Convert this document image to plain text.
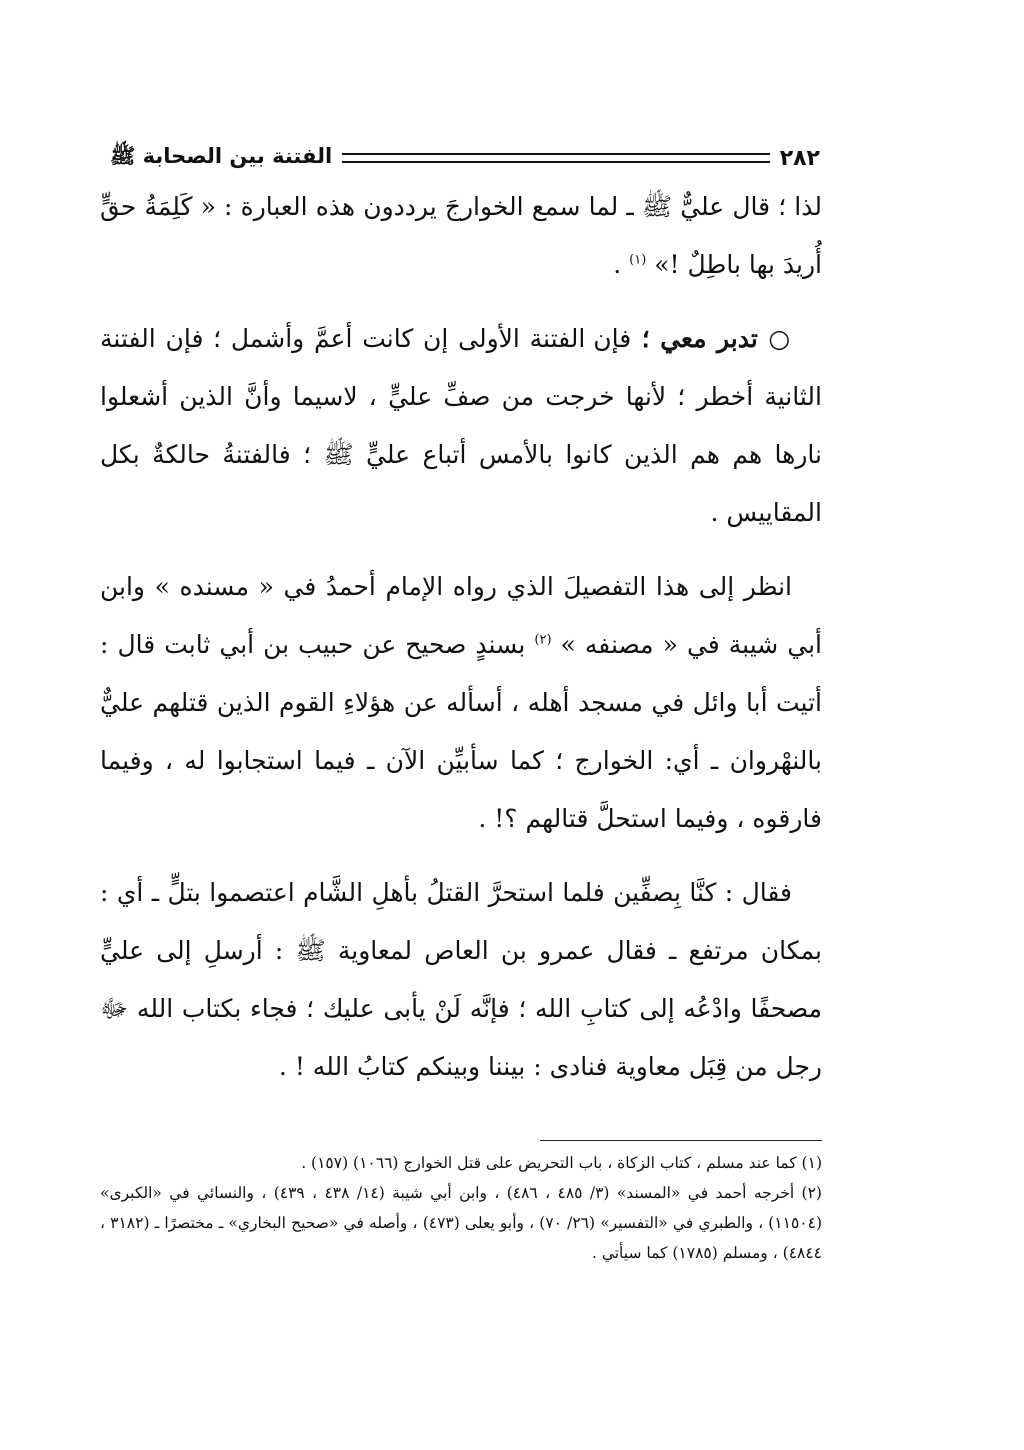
٢٨٢
الفتنة بين الصحابة ﷺ

لذا ؛ قال عليٌّ ﷺ ـ لما سمع الخوارجَ يرددون هذه العبارة : « كَلِمَةُ حقٍّ أُريدَ بها باطِلٌ !» $^{(١)}$ .

○ تدبر معي ؛ فإن الفتنة الأولى إن كانت أعمَّ وأشمل ؛ فإن الفتنة الثانية أخطر ؛ لأنها خرجت من صفِّ عليٍّ ، لاسيما وأنَّ الذين أشعلوا نارها هم هم الذين كانوا بالأمس أتباع عليٍّ ﷺ ؛ فالفتنةُ حالكةٌ بكل المقاييس .

انظر إلى هذا التفصيلَ الذي رواه الإمام أحمدُ في « مسنده » وابن أبي شيبة في « مصنفه » $^{(٢)}$ بسندٍ صحيح عن حبيب بن أبي ثابت قال : أتيت أبا وائل في مسجد أهله ، أسأله عن هؤلاءِ القوم الذين قتلهم عليٌّ بالنهْروان ـ أي: الخوارج ؛ كما سأبيِّن الآن ـ فيما استجابوا له ، وفيما فارقوه ، وفيما استحلَّ قتالهم ؟! .

فقال : كنَّا بِصفِّين فلما استحرَّ القتلُ بأهلِ الشَّام اعتصموا بتلٍّ ـ أي : بمكان مرتفع ـ فقال عمرو بن العاص لمعاوية ﷺ : أرسلِ إلى عليٍّ مصحفًا وادْعُه إلى كتابِ الله ؛ فإنَّه لَنْ يأبى عليك ؛ فجاء بكتاب الله ﷻ رجل من قِبَل معاوية فنادى : بيننا وبينكم كتابُ الله ! .

(١) كما عند مسلم ، كتاب الزكاة ، باب التحريض على قتل الخوارج (١٠٦٦) (١٥٧) .

(٢) أخرجه أحمد في «المسند» (٣/ ٤٨٥ ، ٤٨٦) ، وابن أبي شيبة (١٤/ ٤٣٨ ، ٤٣٩) ، والنسائي في «الكبرى» (١١٥٠٤) ، والطبري في «التفسير» (٢٦/ ٧٠) ، وأبو يعلى (٤٧٣) ، وأصله في «صحيح البخاري» ـ مختصرًا ـ (٣١٨٢ ، ٤٨٤٤) ، ومسلم (١٧٨٥) كما سيأتي .
